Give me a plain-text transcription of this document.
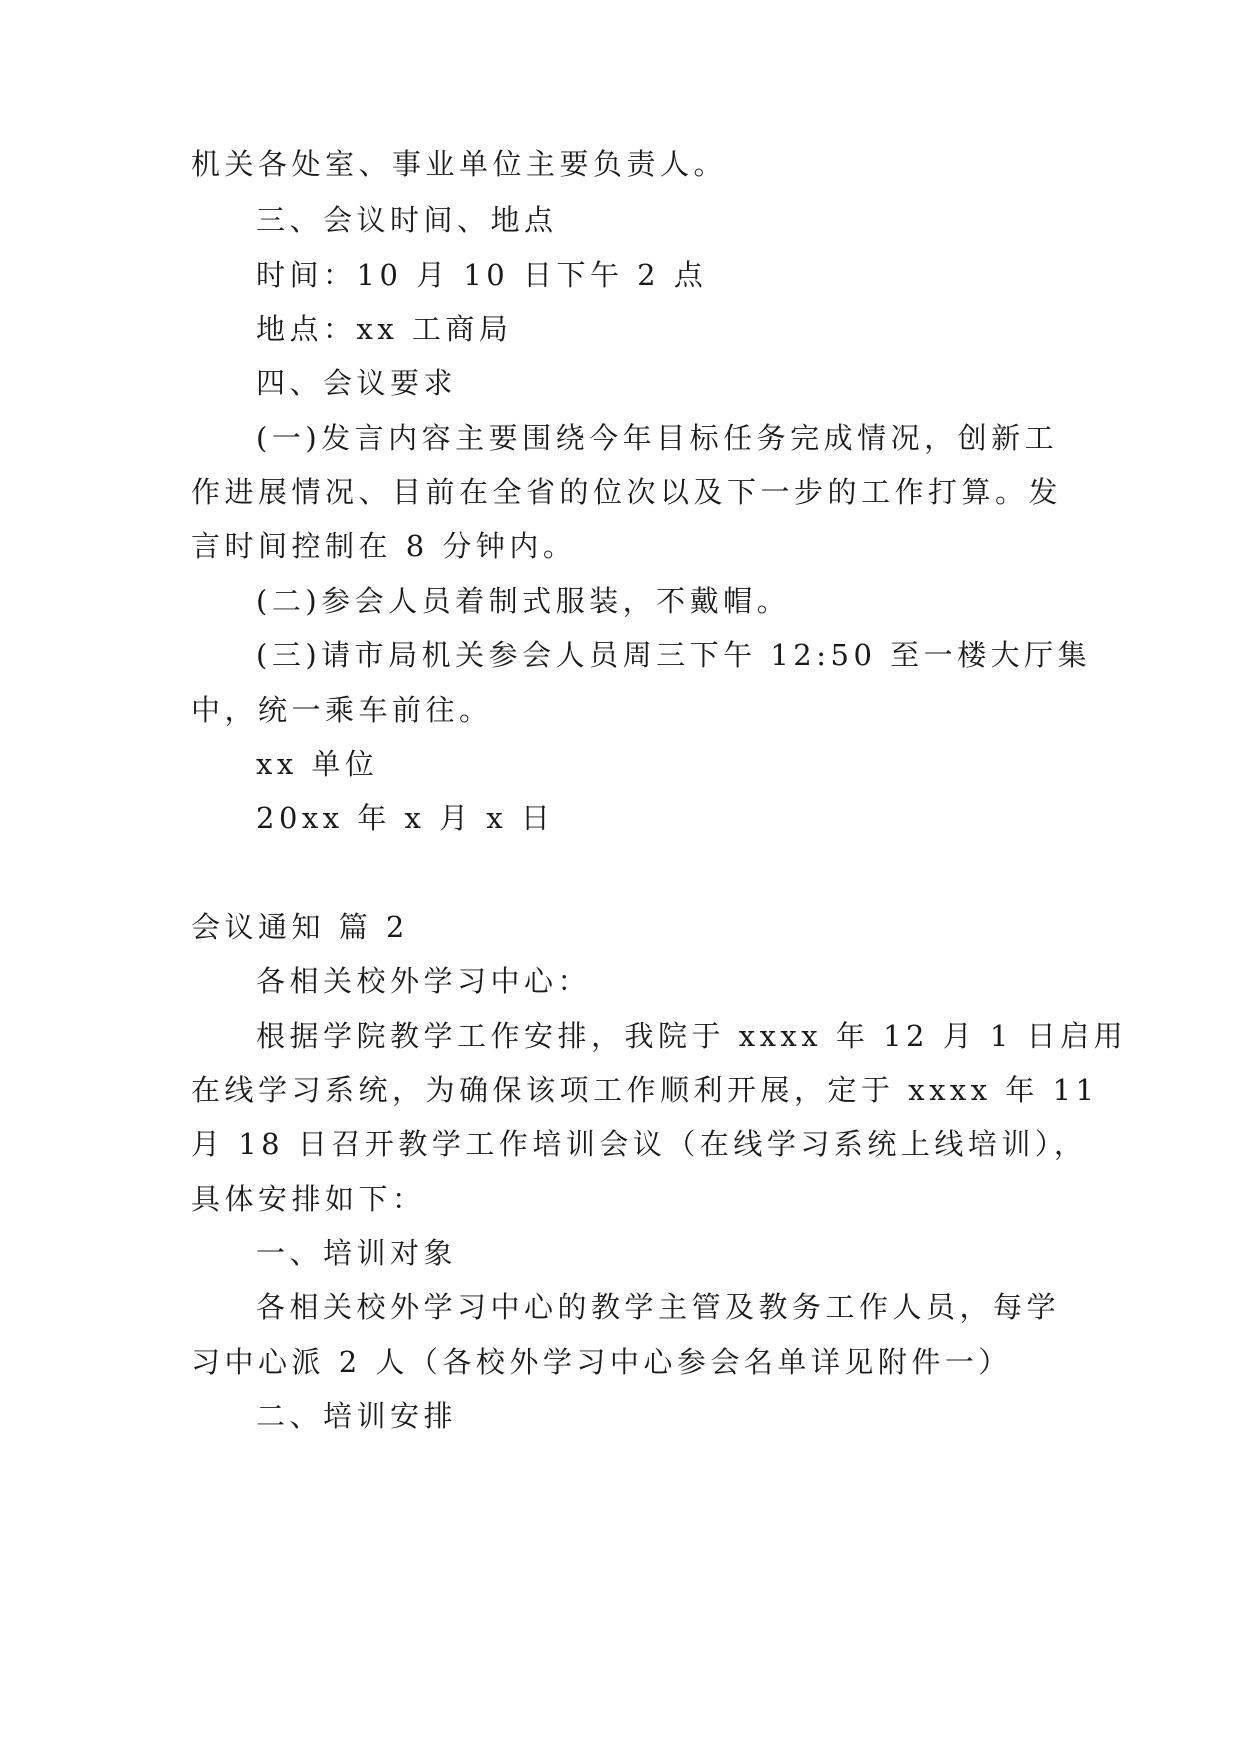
机关各处室、事业单位主要负责人。
三、会议时间、地点
时间：10 月 10 日下午 2 点
地点：xx 工商局
四、会议要求
(一)发言内容主要围绕今年目标任务完成情况，创新工
作进展情况、目前在全省的位次以及下一步的工作打算。发
言时间控制在 8 分钟内。
(二)参会人员着制式服装，不戴帽。
(三)请市局机关参会人员周三下午 12:50 至一楼大厅集
中，统一乘车前往。
xx 单位
20xx 年 x 月 x 日
会议通知 篇 2
各相关校外学习中心：
根据学院教学工作安排，我院于 xxxx 年 12 月 1 日启用
在线学习系统，为确保该项工作顺利开展，定于 xxxx 年 11
月 18 日召开教学工作培训会议（在线学习系统上线培训），
具体安排如下：
一、培训对象
各相关校外学习中心的教学主管及教务工作人员，每学
习中心派 2 人（各校外学习中心参会名单详见附件一）
二、培训安排
